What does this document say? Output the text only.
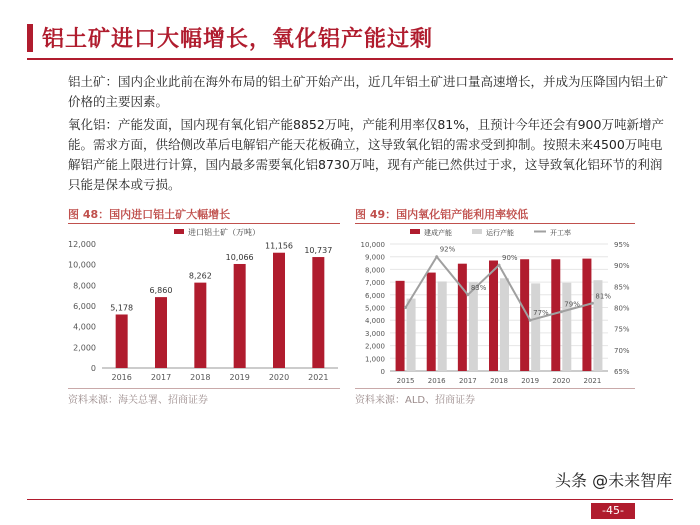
铝土矿进口大幅增长，氧化铝产能过剩
铝土矿：国内企业此前在海外布局的铝土矿开始产出，近几年铝土矿进口量高速增长，并成为压降国内铝土矿价格的主要因素。
氧化铝：产能发面，国内现有氧化铝产能8852万吨，产能利用率仅81%，且预计今年还会有900万吨新增产能。需求方面，供给侧改革后电解铝产能天花板确立，这导致氧化铝的需求受到抑制。按照未来4500万吨电解铝产能上限进行计算，国内最多需要氧化铝8730万吨，现有产能已然供过于求，这导致氧化铝环节的利润只能是保本或亏损。
图 48：国内进口铝土矿大幅增长
0
2,000
4,000
6,000
8,000
10,000
12,000
5,178
2016
6,860
2017
8,262
2018
10,066
2019
11,156
2020
10,737
2021
进口铝土矿（万吨）
资料来源：海关总署、招商证券
图 49：国内氧化铝产能利用率较低
0
1,000
2,000
3,000
4,000
5,000
6,000
7,000
8,000
9,000
10,000
65%
70%
75%
80%
85%
90%
95%
2015 2016 2017 2018 2019 2020 2021
92%
83%
90%
77%
79%
81%
建成产能	运行产能	开工率
资料来源：ALD、招商证券
头条 @未来智库
-45-
